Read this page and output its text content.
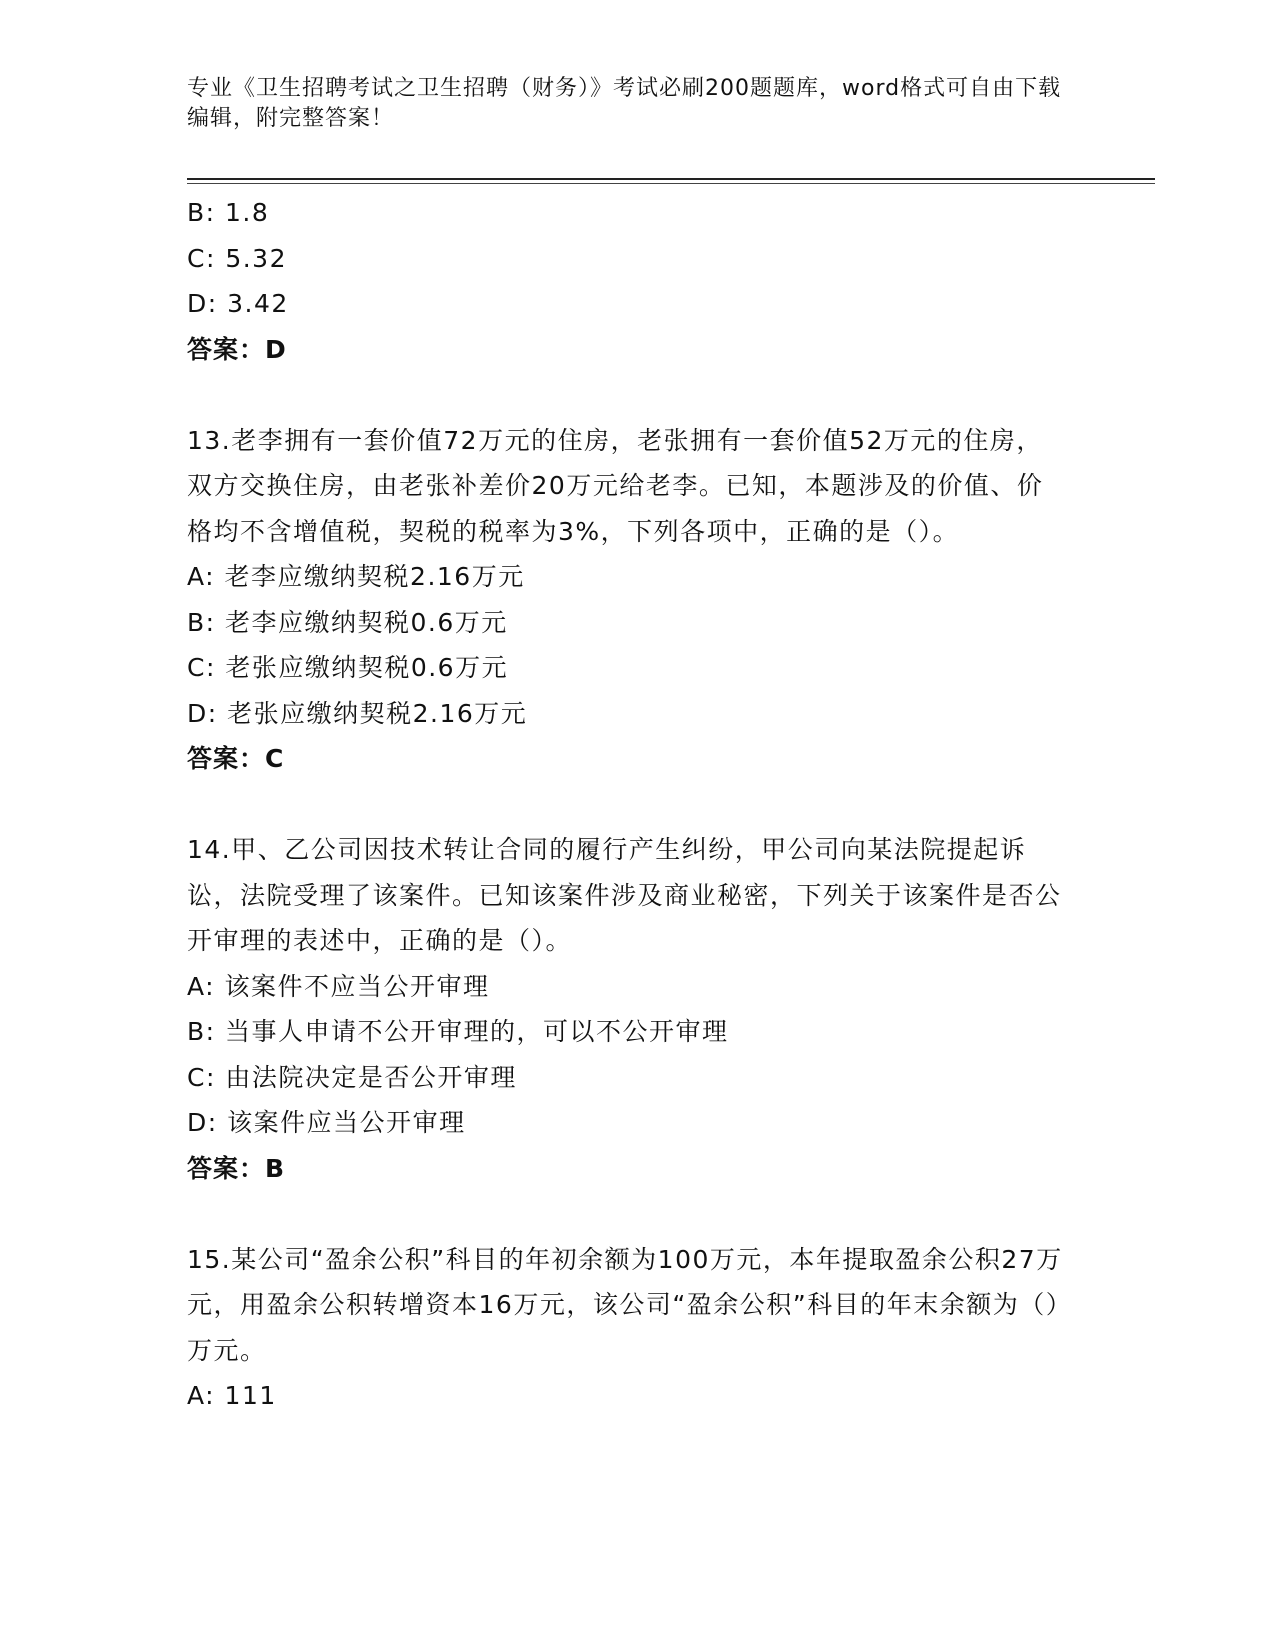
专业《卫生招聘考试之卫生招聘（财务）》考试必刷200题题库，word格式可自由下载编辑，附完整答案！
B: 1.8
C: 5.32
D: 3.42
答案：D
13.老李拥有一套价值72万元的住房，老张拥有一套价值52万元的住房，双方交换住房，由老张补差价20万元给老李。已知，本题涉及的价值、价格均不含增值税，契税的税率为3%，下列各项中，正确的是（）。
A: 老李应缴纳契税2.16万元
B: 老李应缴纳契税0.6万元
C: 老张应缴纳契税0.6万元
D: 老张应缴纳契税2.16万元
答案：C
14.甲、乙公司因技术转让合同的履行产生纠纷，甲公司向某法院提起诉讼，法院受理了该案件。已知该案件涉及商业秘密，下列关于该案件是否公开审理的表述中，正确的是（）。
A: 该案件不应当公开审理
B: 当事人申请不公开审理的，可以不公开审理
C: 由法院决定是否公开审理
D: 该案件应当公开审理
答案：B
15.某公司“盈余公积”科目的年初余额为100万元，本年提取盈余公积27万元，用盈余公积转增资本16万元，该公司“盈余公积”科目的年末余额为（）万元。
A: 111
